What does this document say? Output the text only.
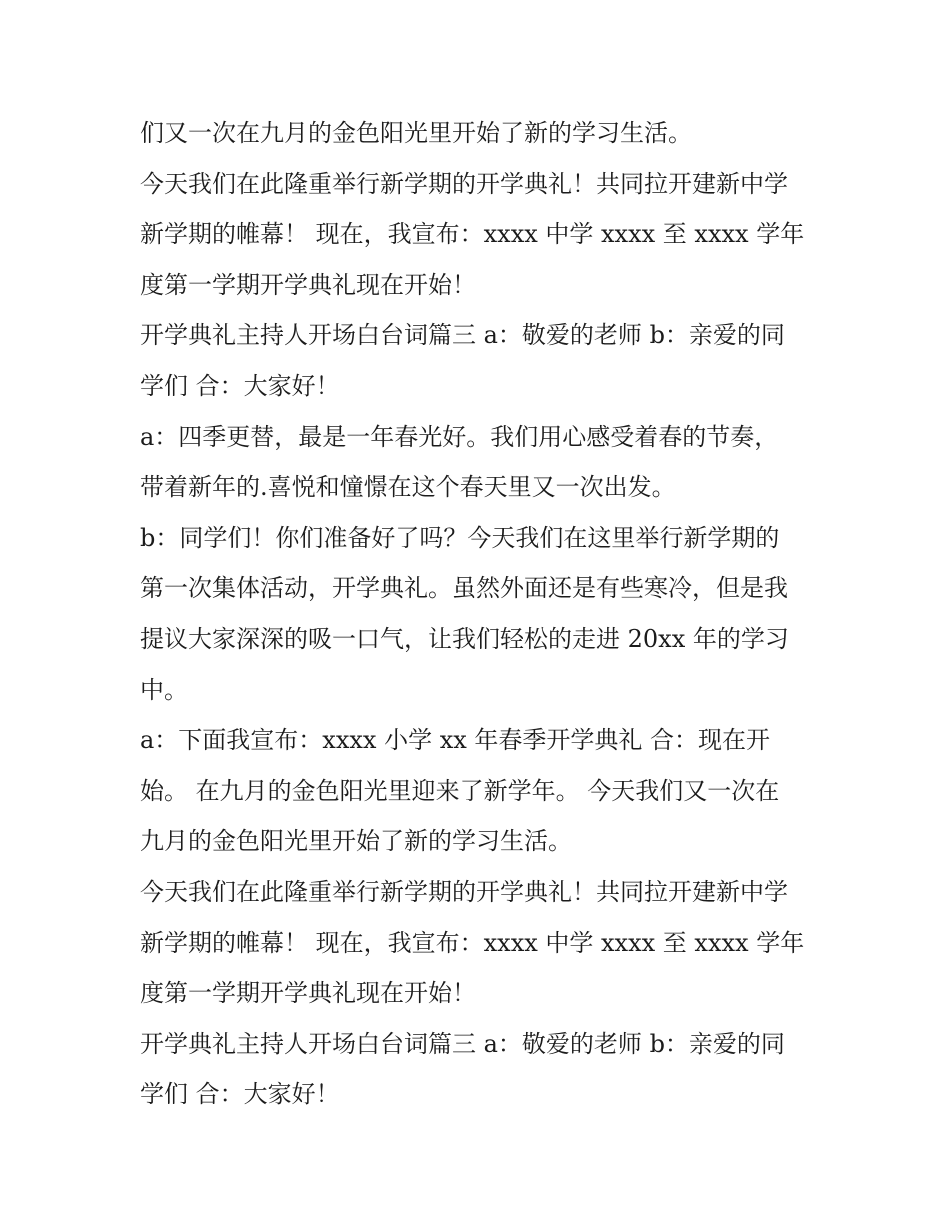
们又一次在九月的金色阳光里开始了新的学习生活。
今天我们在此隆重举行新学期的开学典礼！共同拉开建新中学
新学期的帷幕！ 现在，我宣布：xxxx 中学 xxxx 至 xxxx 学年
度第一学期开学典礼现在开始！
开学典礼主持人开场白台词篇三 a：敬爱的老师 b：亲爱的同
学们 合：大家好！
a：四季更替，最是一年春光好。我们用心感受着春的节奏，
带着新年的.喜悦和憧憬在这个春天里又一次出发。
b：同学们！你们准备好了吗？今天我们在这里举行新学期的
第一次集体活动，开学典礼。虽然外面还是有些寒冷，但是我
提议大家深深的吸一口气，让我们轻松的走进 20xx 年的学习
中。
a：下面我宣布：xxxx 小学 xx 年春季开学典礼 合：现在开
始。 在九月的金色阳光里迎来了新学年。 今天我们又一次在
九月的金色阳光里开始了新的学习生活。
今天我们在此隆重举行新学期的开学典礼！共同拉开建新中学
新学期的帷幕！ 现在，我宣布：xxxx 中学 xxxx 至 xxxx 学年
度第一学期开学典礼现在开始！
开学典礼主持人开场白台词篇三 a：敬爱的老师 b：亲爱的同
学们 合：大家好！
